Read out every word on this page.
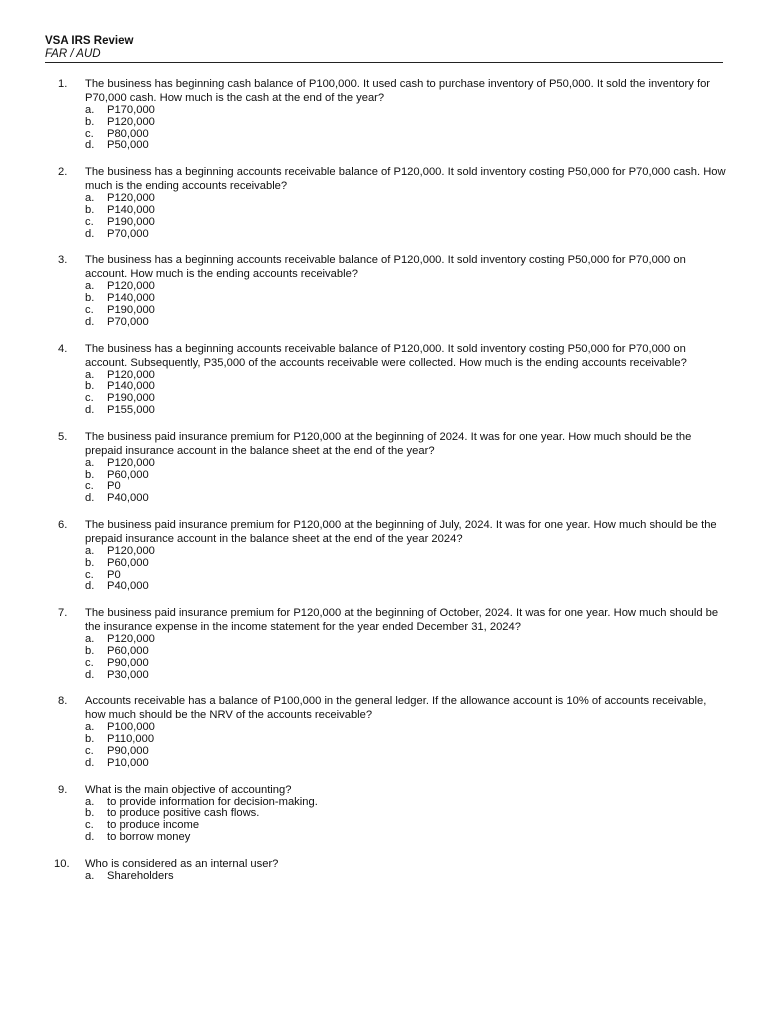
VSA IRS Review
FAR / AUD
1.	The business has beginning cash balance of P100,000. It used cash to purchase inventory of P50,000. It sold the inventory for P70,000 cash. How much is the cash at the end of the year?
a.	P170,000
b.	P120,000
c.	P80,000
d.	P50,000
2.	The business has a beginning accounts receivable balance of P120,000. It sold inventory costing P50,000 for P70,000 cash. How much is the ending accounts receivable?
a.	P120,000
b.	P140,000
c.	P190,000
d.	P70,000
3.	The business has a beginning accounts receivable balance of P120,000. It sold inventory costing P50,000 for P70,000 on account. How much is the ending accounts receivable?
a.	P120,000
b.	P140,000
c.	P190,000
d.	P70,000
4.	The business has a beginning accounts receivable balance of P120,000. It sold inventory costing P50,000 for P70,000 on account. Subsequently, P35,000 of the accounts receivable were collected. How much is the ending accounts receivable?
a.	P120,000
b.	P140,000
c.	P190,000
d.	P155,000
5.	The business paid insurance premium for P120,000 at the beginning of 2024. It was for one year. How much should be the prepaid insurance account in the balance sheet at the end of the year?
a.	P120,000
b.	P60,000
c.	P0
d.	P40,000
6.	The business paid insurance premium for P120,000 at the beginning of July, 2024. It was for one year. How much should be the prepaid insurance account in the balance sheet at the end of the year 2024?
a.	P120,000
b.	P60,000
c.	P0
d.	P40,000
7.	The business paid insurance premium for P120,000 at the beginning of October, 2024. It was for one year. How much should be the insurance expense in the income statement for the year ended December 31, 2024?
a.	P120,000
b.	P60,000
c.	P90,000
d.	P30,000
8.	Accounts receivable has a balance of P100,000 in the general ledger. If the allowance account is 10% of accounts receivable, how much should be the NRV of the accounts receivable?
a.	P100,000
b.	P110,000
c.	P90,000
d.	P10,000
9.	What is the main objective of accounting?
a.	to provide information for decision-making.
b.	to produce positive cash flows.
c.	to produce income
d.	to borrow money
10.	Who is considered as an internal user?
a.	Shareholders
